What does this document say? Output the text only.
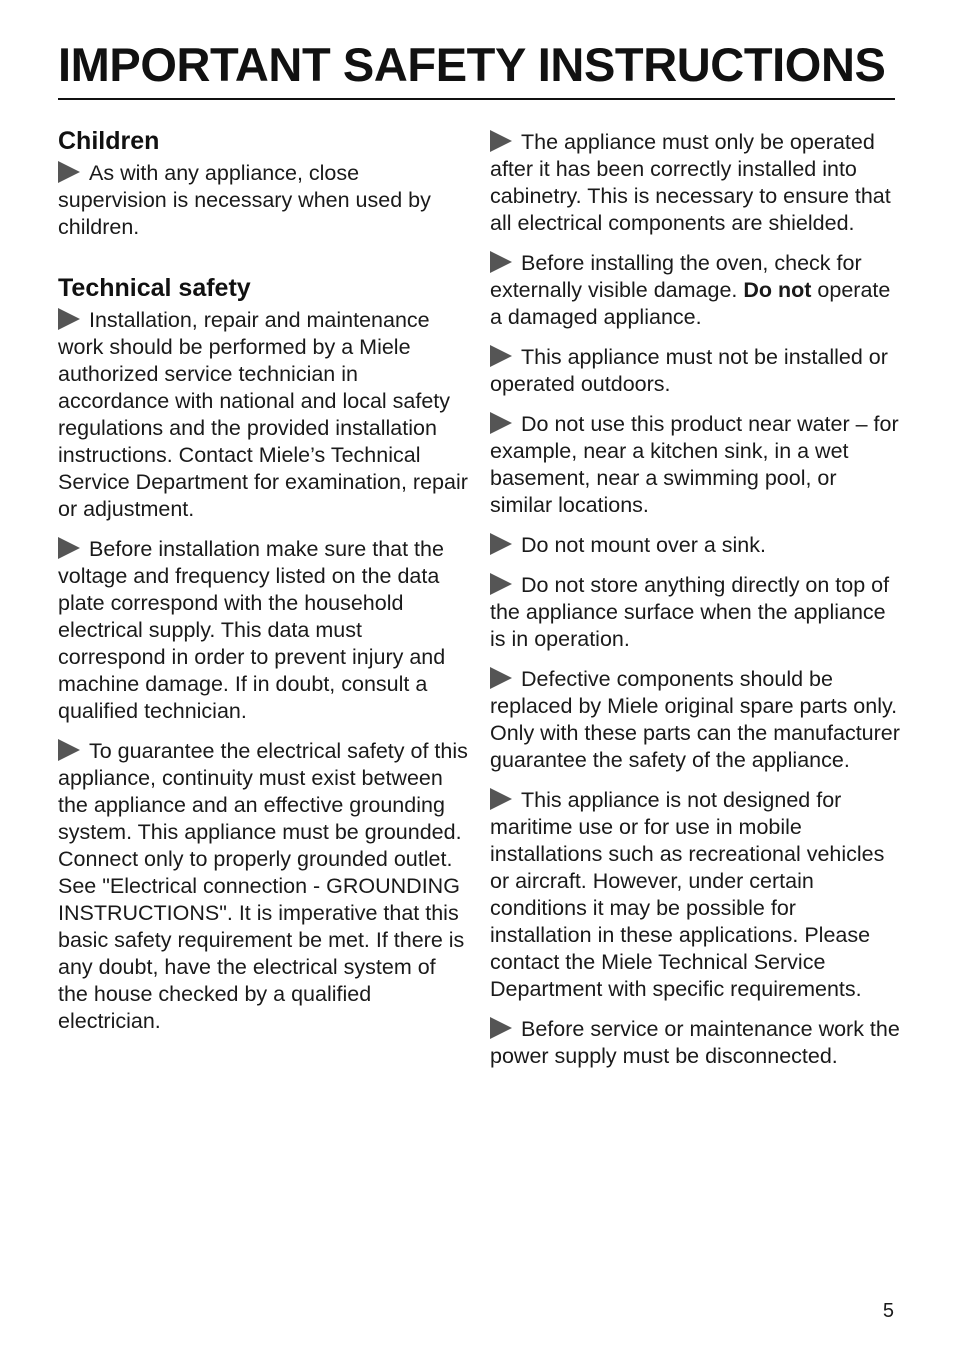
IMPORTANT SAFETY INSTRUCTIONS
Children

As with any appliance, close supervision is necessary when used by children.

Technical safety

Installation, repair and maintenance work should be performed by a Miele authorized service technician in accordance with national and local safety regulations and the provided installation instructions. Contact Miele’s Technical Service Department for examination, repair or adjustment.

Before installation make sure that the voltage and frequency listed on the data plate correspond with the household electrical supply. This data must correspond in order to prevent injury and machine damage. If in doubt, consult a qualified technician.

To guarantee the electrical safety of this appliance, continuity must exist between the appliance and an effective grounding system. This appliance must be grounded. Connect only to properly grounded outlet. See "Electrical connection - GROUNDING INSTRUCTIONS". It is imperative that this basic safety requirement be met. If there is any doubt, have the electrical system of the house checked by a qualified electrician.

The appliance must only be operated after it has been correctly installed into cabinetry. This is necessary to ensure that all electrical components are shielded.

Before installing the oven, check for externally visible damage. Do not operate a damaged appliance.

This appliance must not be installed or operated outdoors.

Do not use this product near water – for example, near a kitchen sink, in a wet basement, near a swimming pool, or similar locations.

Do not mount over a sink.

Do not store anything directly on top of the appliance surface when the appliance is in operation.

Defective components should be replaced by Miele original spare parts only. Only with these parts can the manufacturer guarantee the safety of the appliance.

This appliance is not designed for maritime use or for use in mobile installations such as recreational vehicles or aircraft. However, under certain conditions it may be possible for installation in these applications. Please contact the Miele Technical Service Department with specific requirements.

Before service or maintenance work the power supply must be disconnected.

5
